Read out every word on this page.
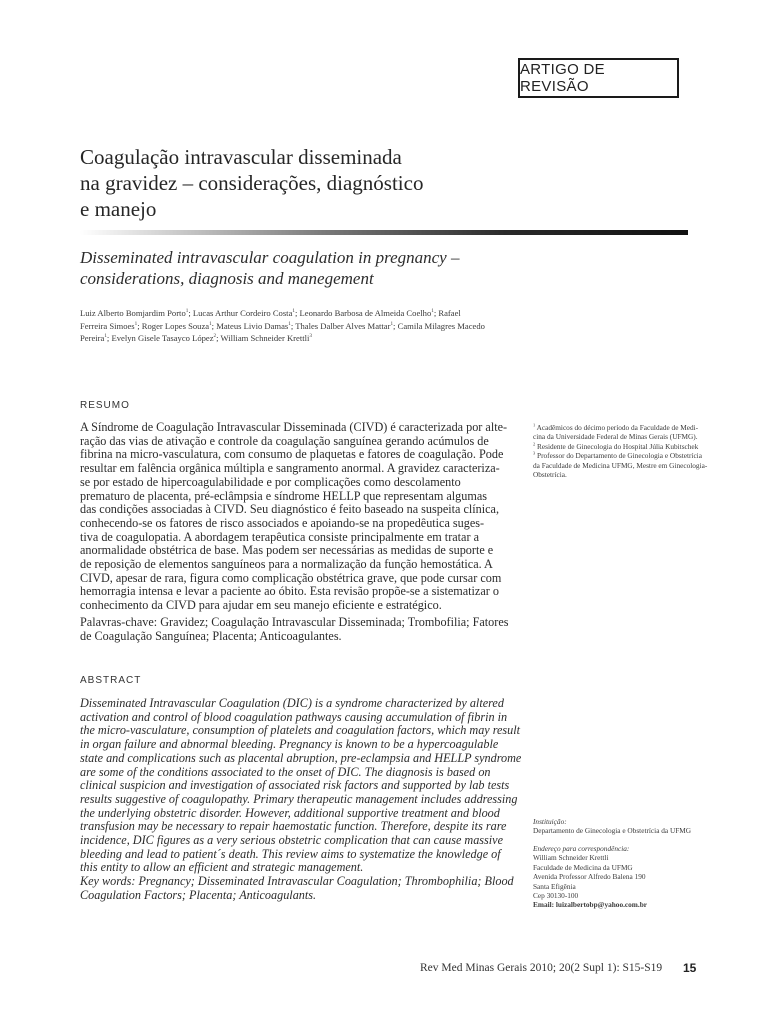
ARTIGO DE REVISÃO
Coagulação intravascular disseminada
na gravidez – considerações, diagnóstico
e manejo
Disseminated intravascular coagulation in pregnancy –
considerations, diagnosis and manegement
Luiz Alberto Bomjardim Porto$^1$; Lucas Arthur Cordeiro Costa$^1$; Leonardo Barbosa de Almeida Coelho$^1$; Rafael
Ferreira Simoes$^1$; Roger Lopes Souza$^1$; Mateus Livio Damas$^1$; Thales Dalber Alves Mattar$^1$; Camila Milagres Macedo
Pereira$^1$; Evelyn Gisele Tasayco López$^2$; William Schneider Krettli$^3$
RESUMO
A Síndrome de Coagulação Intravascular Disseminada (CIVD) é caracterizada por alte-
ração das vias de ativação e controle da coagulação sanguínea gerando acúmulos de
fibrina na micro-vasculatura, com consumo de plaquetas e fatores de coagulação. Pode
resultar em falência orgânica múltipla e sangramento anormal. A gravidez caracteriza-
se por estado de hipercoagulabilidade e por complicações como descolamento
prematuro de placenta, pré-eclâmpsia e síndrome HELLP que representam algumas
das condições associadas à CIVD. Seu diagnóstico é feito baseado na suspeita clínica,
conhecendo-se os fatores de risco associados e apoiando-se na propedêutica suges-
tiva de coagulopatia. A abordagem terapêutica consiste principalmente em tratar a
anormalidade obstétrica de base. Mas podem ser necessárias as medidas de suporte e
de reposição de elementos sanguíneos para a normalização da função hemostática. A
CIVD, apesar de rara, figura como complicação obstétrica grave, que pode cursar com
hemorragia intensa e levar a paciente ao óbito. Esta revisão propõe-se a sistematizar o
conhecimento da CIVD para ajudar em seu manejo eficiente e estratégico.
Palavras-chave: Gravidez; Coagulação Intravascular Disseminada; Trombofilia; Fatores
de Coagulação Sanguínea; Placenta; Anticoagulantes.
ABSTRACT
Disseminated Intravascular Coagulation (DIC) is a syndrome characterized by altered
activation and control of blood coagulation pathways causing accumulation of fibrin in
the micro-vasculature, consumption of platelets and coagulation factors, which may result
in organ failure and abnormal bleeding. Pregnancy is known to be a hypercoagulable
state and complications such as placental abruption, pre-eclampsia and HELLP syndrome
are some of the conditions associated to the onset of DIC. The diagnosis is based on
clinical suspicion and investigation of associated risk factors and supported by lab tests
results suggestive of coagulopathy. Primary therapeutic management includes addressing
the underlying obstetric disorder. However, additional supportive treatment and blood
transfusion may be necessary to repair haemostatic function. Therefore, despite its rare
incidence, DIC figures as a very serious obstetric complication that can cause massive
bleeding and lead to patient´s death. This review aims to systematize the knowledge of
this entity to allow an efficient and strategic management.
Key words: Pregnancy; Disseminated Intravascular Coagulation; Thrombophilia; Blood
Coagulation Factors; Placenta; Anticoagulants.
$^1$ Acadêmicos do décimo período da Faculdade de Medi-
cina da Universidade Federal de Minas Gerais (UFMG).
$^2$ Residente de Ginecologia do Hospital Júlia Kubitschek
$^3$ Professor do Departamento de Ginecologia e Obstetrícia
da Faculdade de Medicina UFMG, Mestre em Ginecologia-
Obstetrícia.
Instituição:
Departamento de Ginecologia e Obstetrícia da UFMG
Endereço para correspondência:
William Schneider Krettli
Faculdade de Medicina da UFMG
Avenida Professor Alfredo Balena 190
Santa Efigênia
Cep 30130-100
Email: luizalbertobp@yahoo.com.br
Rev Med Minas Gerais 2010; 20(2 Supl 1): S15-S19 15
